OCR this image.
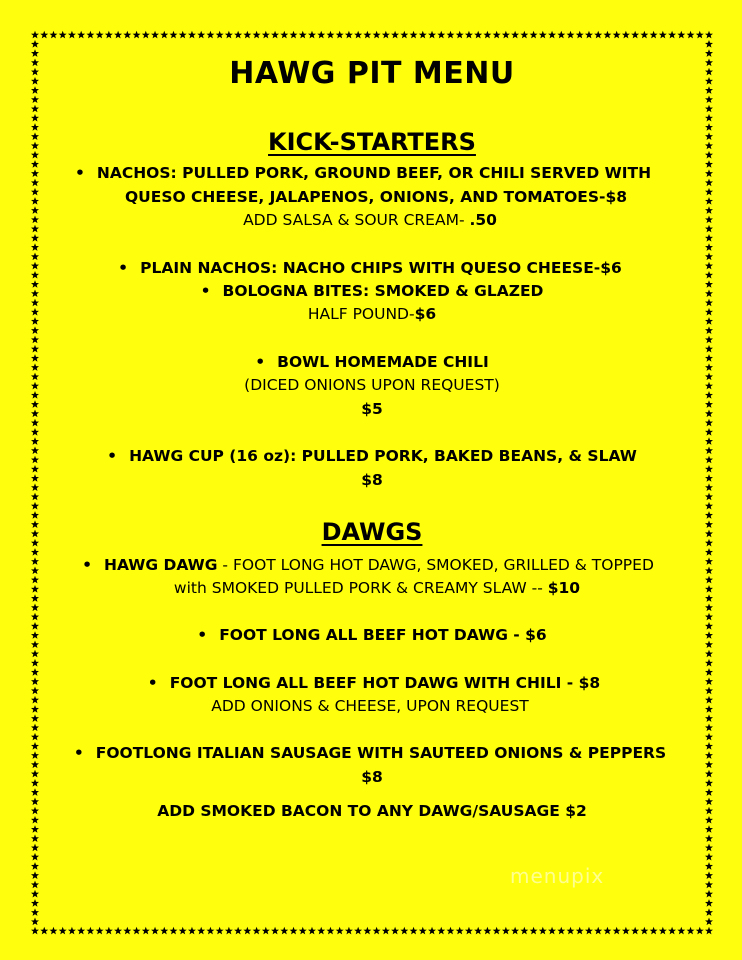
HAWG PIT MENU
KICK-STARTERS
• NACHOS: PULLED PORK, GROUND BEEF, OR CHILI SERVED WITH
QUESO CHEESE, JALAPENOS, ONIONS, AND TOMATOES-$8
ADD SALSA & SOUR CREAM- .50
• PLAIN NACHOS: NACHO CHIPS WITH QUESO CHEESE-$6
• BOLOGNA BITES: SMOKED & GLAZED
HALF POUND-$6
• BOWL HOMEMADE CHILI
(DICED ONIONS UPON REQUEST)
$5
• HAWG CUP (16 oz): PULLED PORK, BAKED BEANS, & SLAW
$8
DAWGS
• HAWG DAWG - FOOT LONG HOT DAWG, SMOKED, GRILLED & TOPPED
with SMOKED PULLED PORK & CREAMY SLAW -- $10
• FOOT LONG ALL BEEF HOT DAWG - $6
• FOOT LONG ALL BEEF HOT DAWG WITH CHILI - $8
ADD ONIONS & CHEESE, UPON REQUEST
• FOOTLONG ITALIAN SAUSAGE WITH SAUTEED ONIONS & PEPPERS
$8
ADD SMOKED BACON TO ANY DAWG/SAUSAGE $2
menupix
